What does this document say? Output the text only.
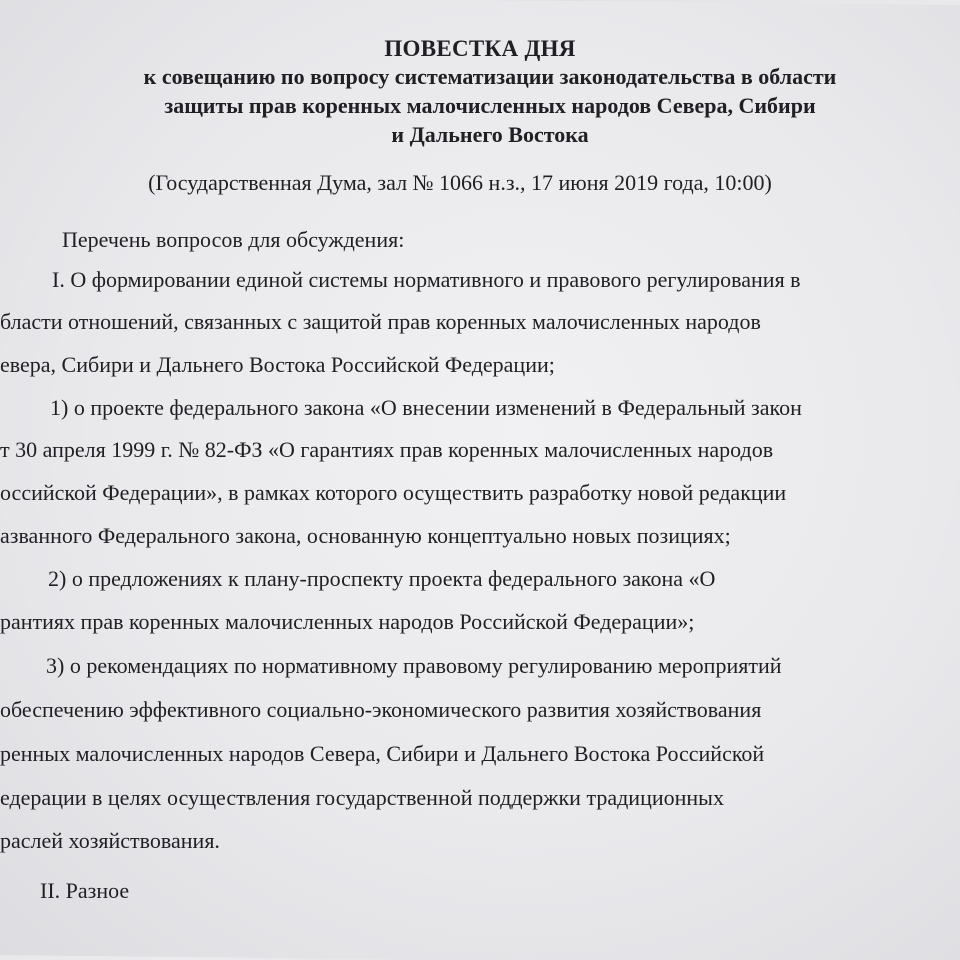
ПОВЕСТКА ДНЯ
к совещанию по вопросу систематизации законодательства в области
защиты прав коренных малочисленных народов Севера, Сибири
и Дальнего Востока
(Государственная Дума, зал № 1066 н.з., 17 июня 2019 года, 10:00)
Перечень вопросов для обсуждения:
I. О формировании единой системы нормативного и правового регулирования в
бласти отношений, связанных с защитой прав коренных малочисленных народов
евера, Сибири и Дальнего Востока Российской Федерации;
1) о проекте федерального закона «О внесении изменений в Федеральный закон
т 30 апреля 1999 г. № 82-ФЗ «О гарантиях прав коренных малочисленных народов
оссийской Федерации», в рамках которого осуществить разработку новой редакции
азванного Федерального закона, основанную концептуально новых позициях;
2) о предложениях к плану-проспекту проекта федерального закона «О
рантиях прав коренных малочисленных народов Российской Федерации»;
3) о рекомендациях по нормативному правовому регулированию мероприятий
обеспечению эффективного социально-экономического развития хозяйствования
ренных малочисленных народов Севера, Сибири и Дальнего Востока Российской
едерации в целях осуществления государственной поддержки традиционных
раслей хозяйствования.
II. Разное
